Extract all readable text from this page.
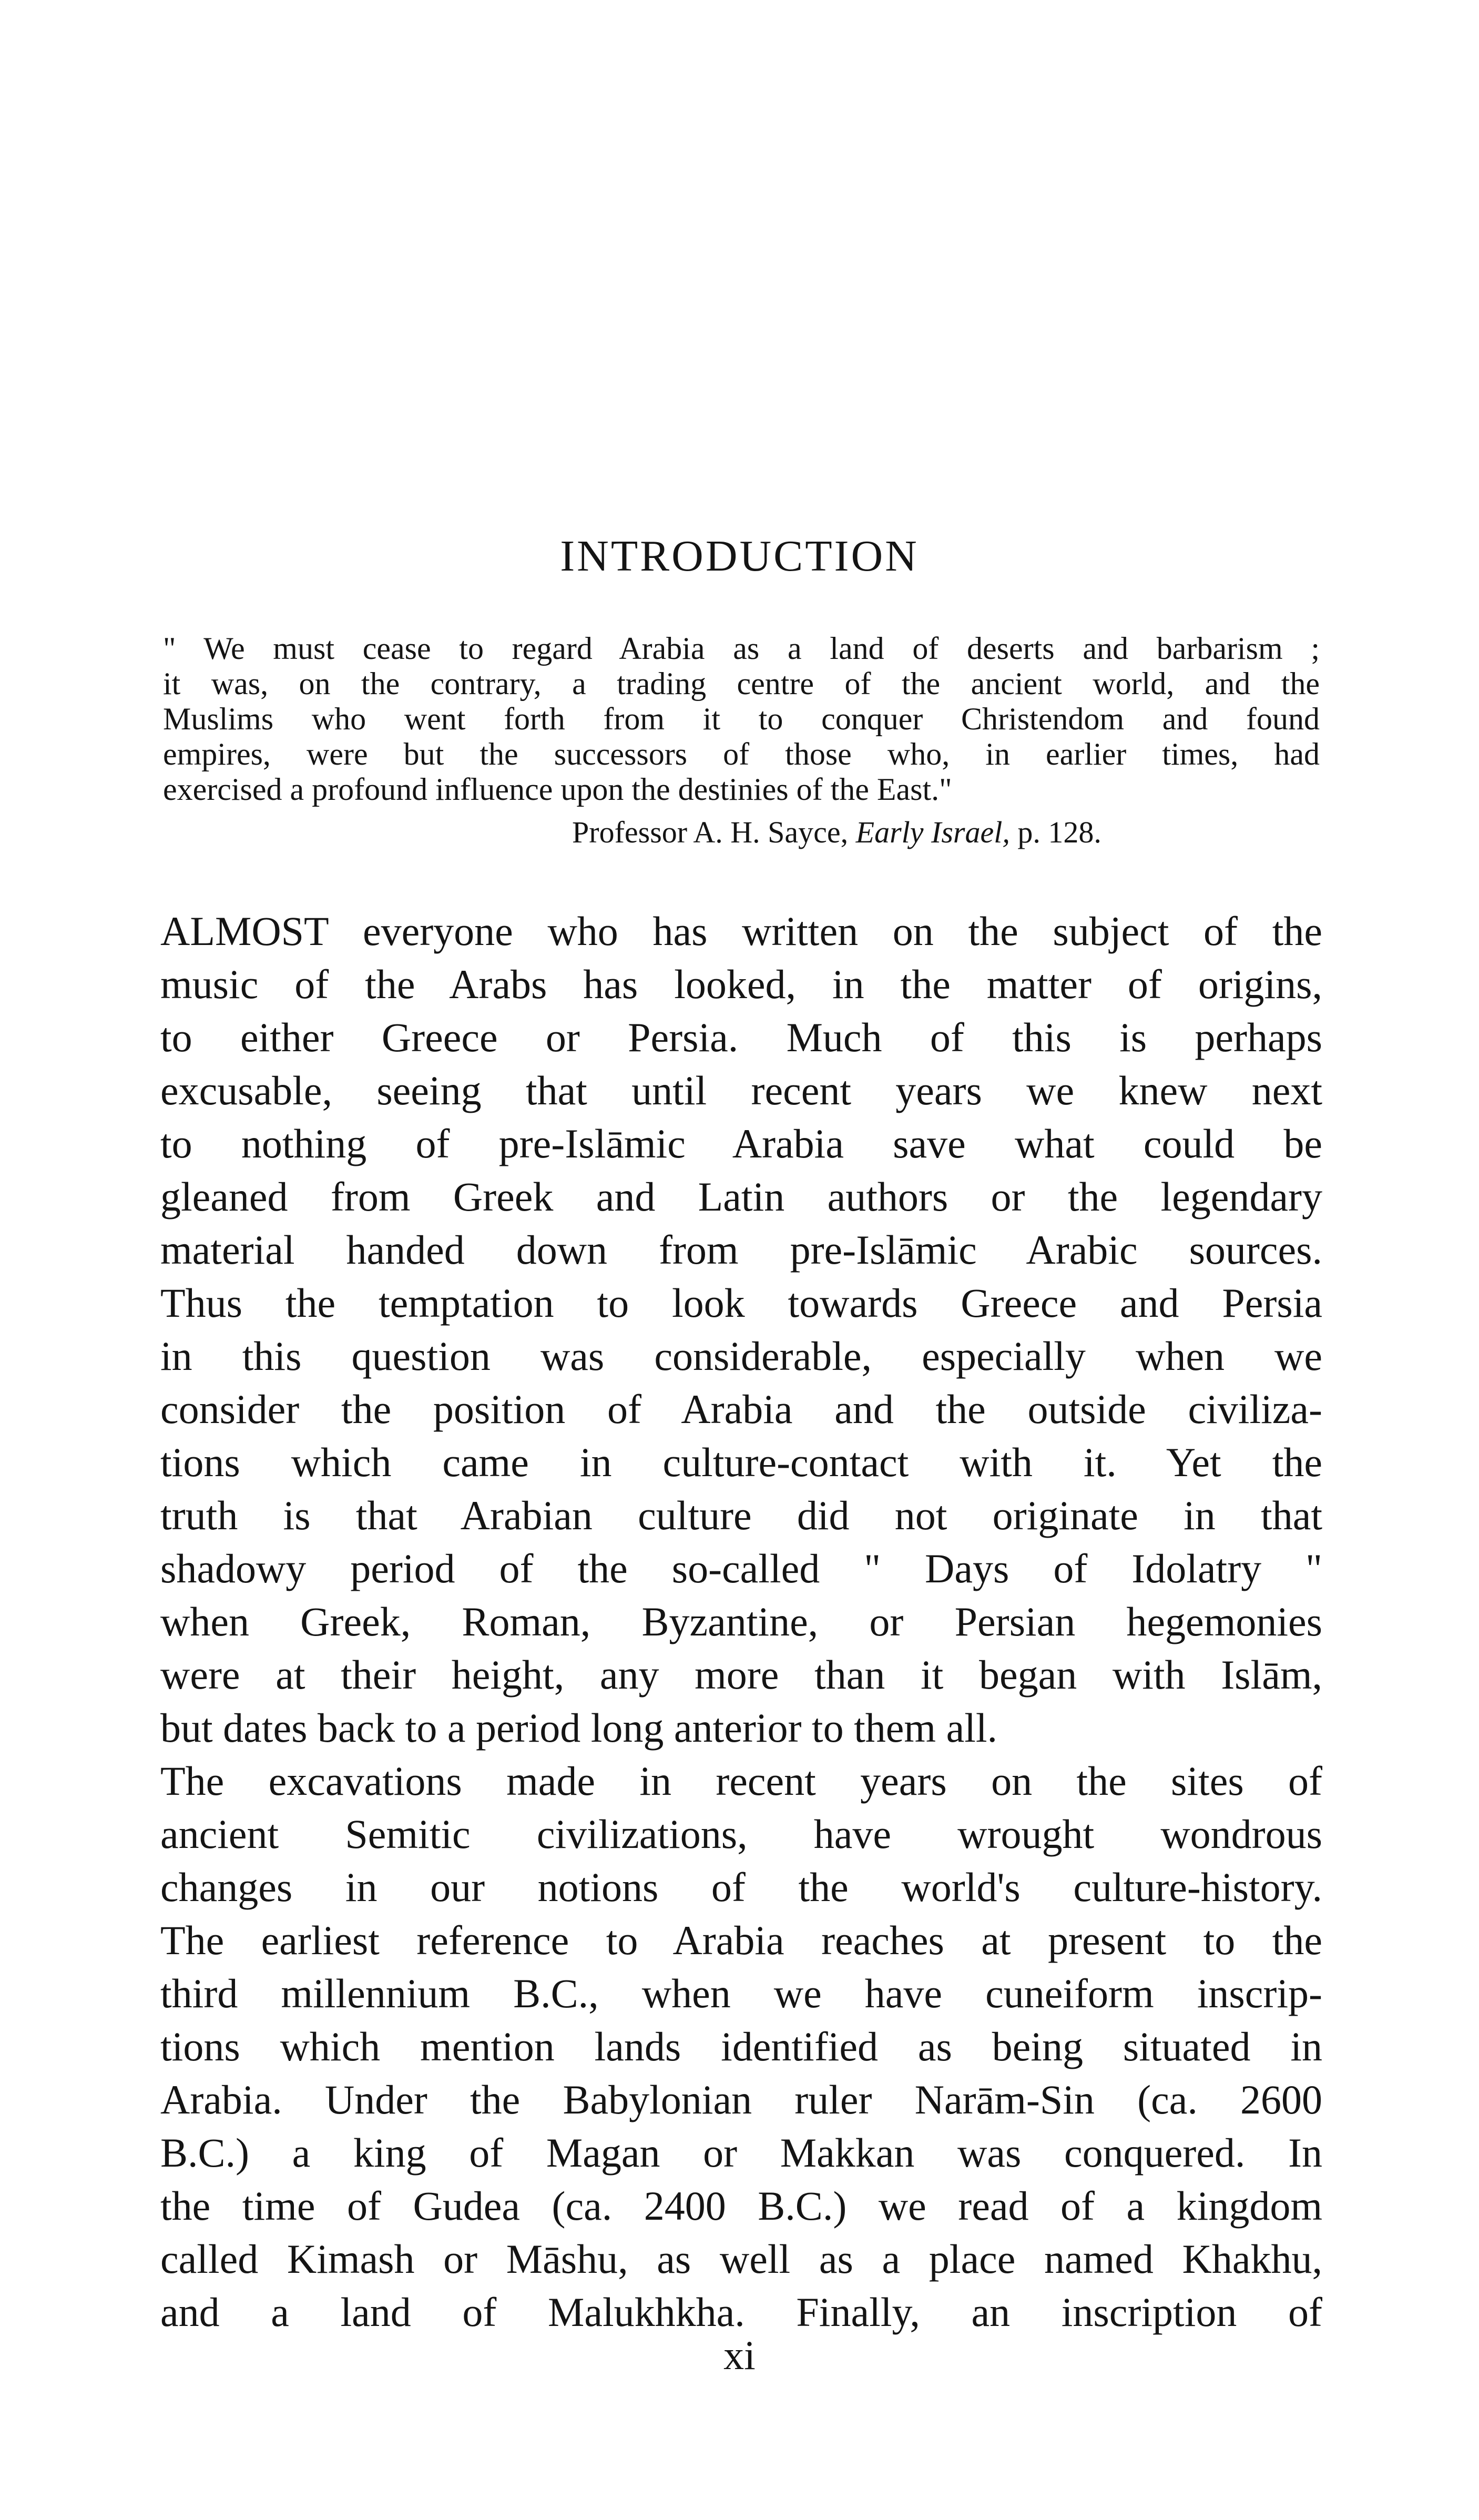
INTRODUCTION
" We must cease to regard Arabia as a land of deserts and barbarism ;
it was, on the contrary, a trading centre of the ancient world, and the
Muslims who went forth from it to conquer Christendom and found
empires, were but the successors of those who, in earlier times, had
exercised a profound influence upon the destinies of the East."
Professor A. H. Sayce, Early Israel, p. 128.
ALMOST everyone who has written on the subject of the
music of the Arabs has looked, in the matter of origins,
to either Greece or Persia. Much of this is perhaps
excusable, seeing that until recent years we knew next
to nothing of pre-Islāmic Arabia save what could be
gleaned from Greek and Latin authors or the legendary
material handed down from pre-Islāmic Arabic sources.
Thus the temptation to look towards Greece and Persia
in this question was considerable, especially when we
consider the position of Arabia and the outside civiliza-
tions which came in culture-contact with it. Yet the
truth is that Arabian culture did not originate in that
shadowy period of the so-called " Days of Idolatry "
when Greek, Roman, Byzantine, or Persian hegemonies
were at their height, any more than it began with Islām,
but dates back to a period long anterior to them all.
The excavations made in recent years on the sites of
ancient Semitic civilizations, have wrought wondrous
changes in our notions of the world's culture-history.
The earliest reference to Arabia reaches at present to the
third millennium B.C., when we have cuneiform inscrip-
tions which mention lands identified as being situated in
Arabia. Under the Babylonian ruler Narām-Sin (ca. 2600
B.C.) a king of Magan or Makkan was conquered. In
the time of Gudea (ca. 2400 B.C.) we read of a kingdom
called Kimash or Māshu, as well as a place named Khakhu,
and a land of Malukhkha. Finally, an inscription of
xi
